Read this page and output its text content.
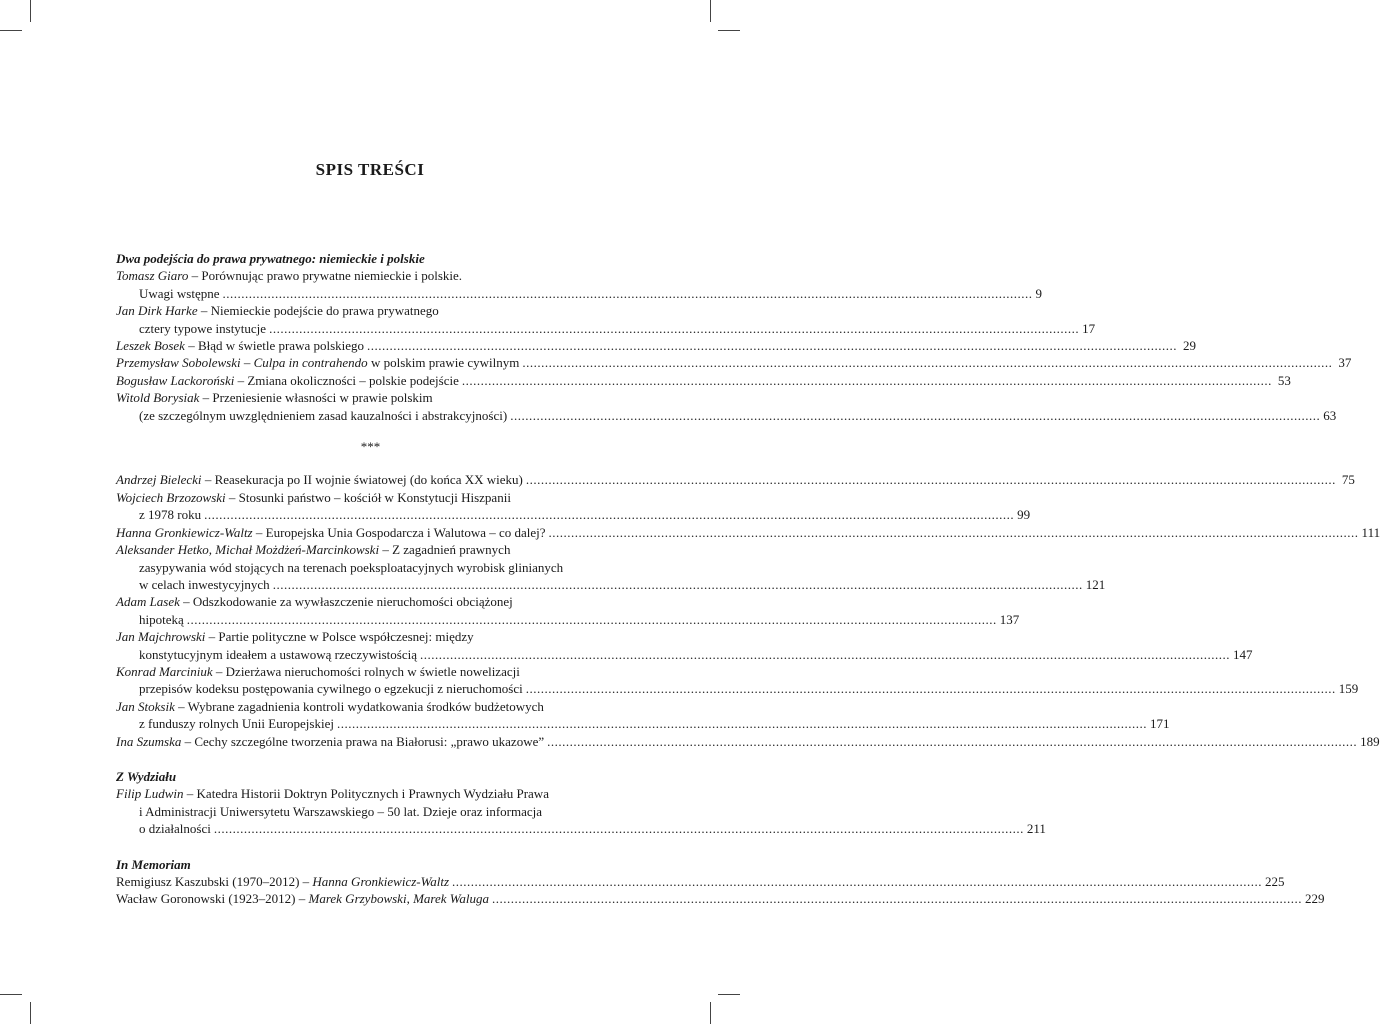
SPIS TREŚCI
Dwa podejścia do prawa prywatnego: niemieckie i polskie
Tomasz Giaro – Porównując prawo prywatne niemieckie i polskie.
Uwagi wstępne .....	9
Jan Dirk Harke – Niemieckie podejście do prawa prywatnego
cztery typowe instytucje .....	17
Leszek Bosek – Błąd w świetle prawa polskiego .....	29
Przemysław Sobolewski – Culpa in contrahendo w polskim prawie cywilnym .....	37
Bogusław Lackoroński – Zmiana okoliczności – polskie podejście .....	53
Witold Borysiak – Przeniesienie własności w prawie polskim
(ze szczególnym uwzględnieniem zasad kauzalności i abstrakcyjności) .....	63
***
Andrzej Bielecki – Reasekuracja po II wojnie światowej (do końca XX wieku) .....	75
Wojciech Brzozowski – Stosunki państwo – kościół w Konstytucji Hiszpanii
z 1978 roku .....	99
Hanna Gronkiewicz-Waltz – Europejska Unia Gospodarcza i Walutowa – co dalej? .....	111
Aleksander Hetko, Michał Możdżeń-Marcinkowski – Z zagadnień prawnych
zasypywania wód stojących na terenach poeksploatacyjnych wyrobisk glinianych
w celach inwestycyjnych .....	121
Adam Lasek – Odszkodowanie za wywłaszczenie nieruchomości obciążonej
hipoteką .....	137
Jan Majchrowski – Partie polityczne w Polsce współczesnej: między
konstytucyjnym ideałem a ustawową rzeczywistością .....	147
Konrad Marciniuk – Dzierżawa nieruchomości rolnych w świetle nowelizacji
przepisów kodeksu postępowania cywilnego o egzekucji z nieruchomości .....	159
Jan Stoksik – Wybrane zagadnienia kontroli wydatkowania środków budżetowych
z funduszy rolnych Unii Europejskiej .....	171
Ina Szumska – Cechy szczególne tworzenia prawa na Białorusi: „prawo ukazowe” .....	189
Z Wydziału
Filip Ludwin – Katedra Historii Doktryn Politycznych i Prawnych Wydziału Prawa
i Administracji Uniwersytetu Warszawskiego – 50 lat. Dzieje oraz informacja
o działalności .....	211
In Memoriam
Remigiusz Kaszubski (1970–2012) – Hanna Gronkiewicz-Waltz .....	225
Wacław Goronowski (1923–2012) – Marek Grzybowski, Marek Waluga .....	229
